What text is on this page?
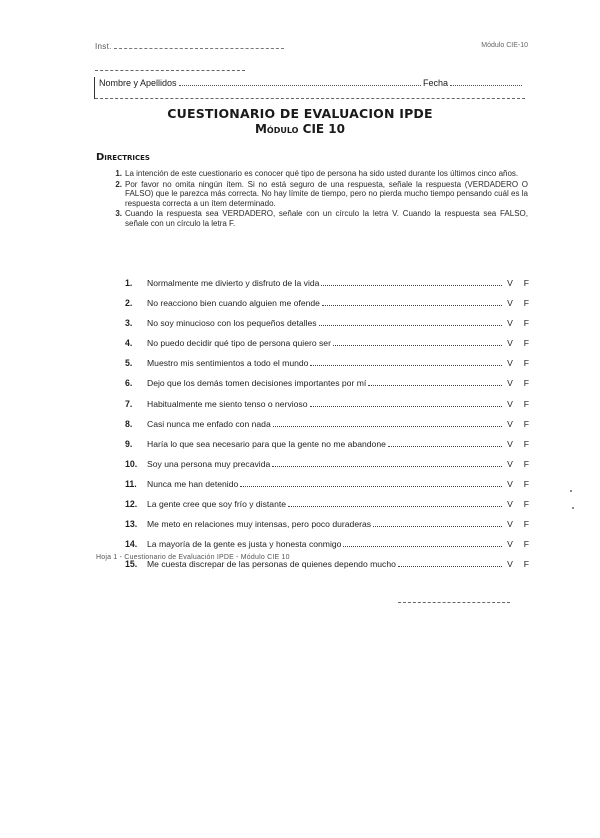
Inst.	Módulo CIE-10
Nombre y Apellidos	Fecha
CUESTIONARIO DE EVALUACION IPDE
Módulo CIE 10
Directrices
1. La intención de este cuestionario es conocer qué tipo de persona ha sido usted durante los últimos cinco años.
2. Por favor no omita ningún ítem. Si no está seguro de una respuesta, señale la respuesta (VERDADERO O FALSO) que le parezca más correcta. No hay límite de tiempo, pero no pierda mucho tiempo pensando cuál es la respuesta correcta a un ítem determinado.
3. Cuando la respuesta sea VERDADERO, señale con un círculo la letra V. Cuando la respuesta sea FALSO, señale con un círculo la letra F.
1.	Normalmente me divierto y disfruto de la vida	V	F
2.	No reacciono bien cuando alguien me ofende	V	F
3.	No soy minucioso con los pequeños detalles	V	F
4.	No puedo decidir qué tipo de persona quiero ser	V	F
5.	Muestro mis sentimientos a todo el mundo	V	F
6.	Dejo que los demás tomen decisiones importantes por mí	V	F
7.	Habitualmente me siento tenso o nervioso	V	F
8.	Casi nunca me enfado con nada	V	F
9.	Haría lo que sea necesario para que la gente no me abandone	V	F
10.	Soy una persona muy precavida	V	F
11.	Nunca me han detenido	V	F
12.	La gente cree que soy frío y distante	V	F
13.	Me meto en relaciones muy intensas, pero poco duraderas	V	F
14.	La mayoría de la gente es justa y honesta conmigo	V	F
15.	Me cuesta discrepar de las personas de quienes dependo mucho	V	F
Hoja 1 - Cuestionario de Evaluación IPDE - Módulo CIE 10
